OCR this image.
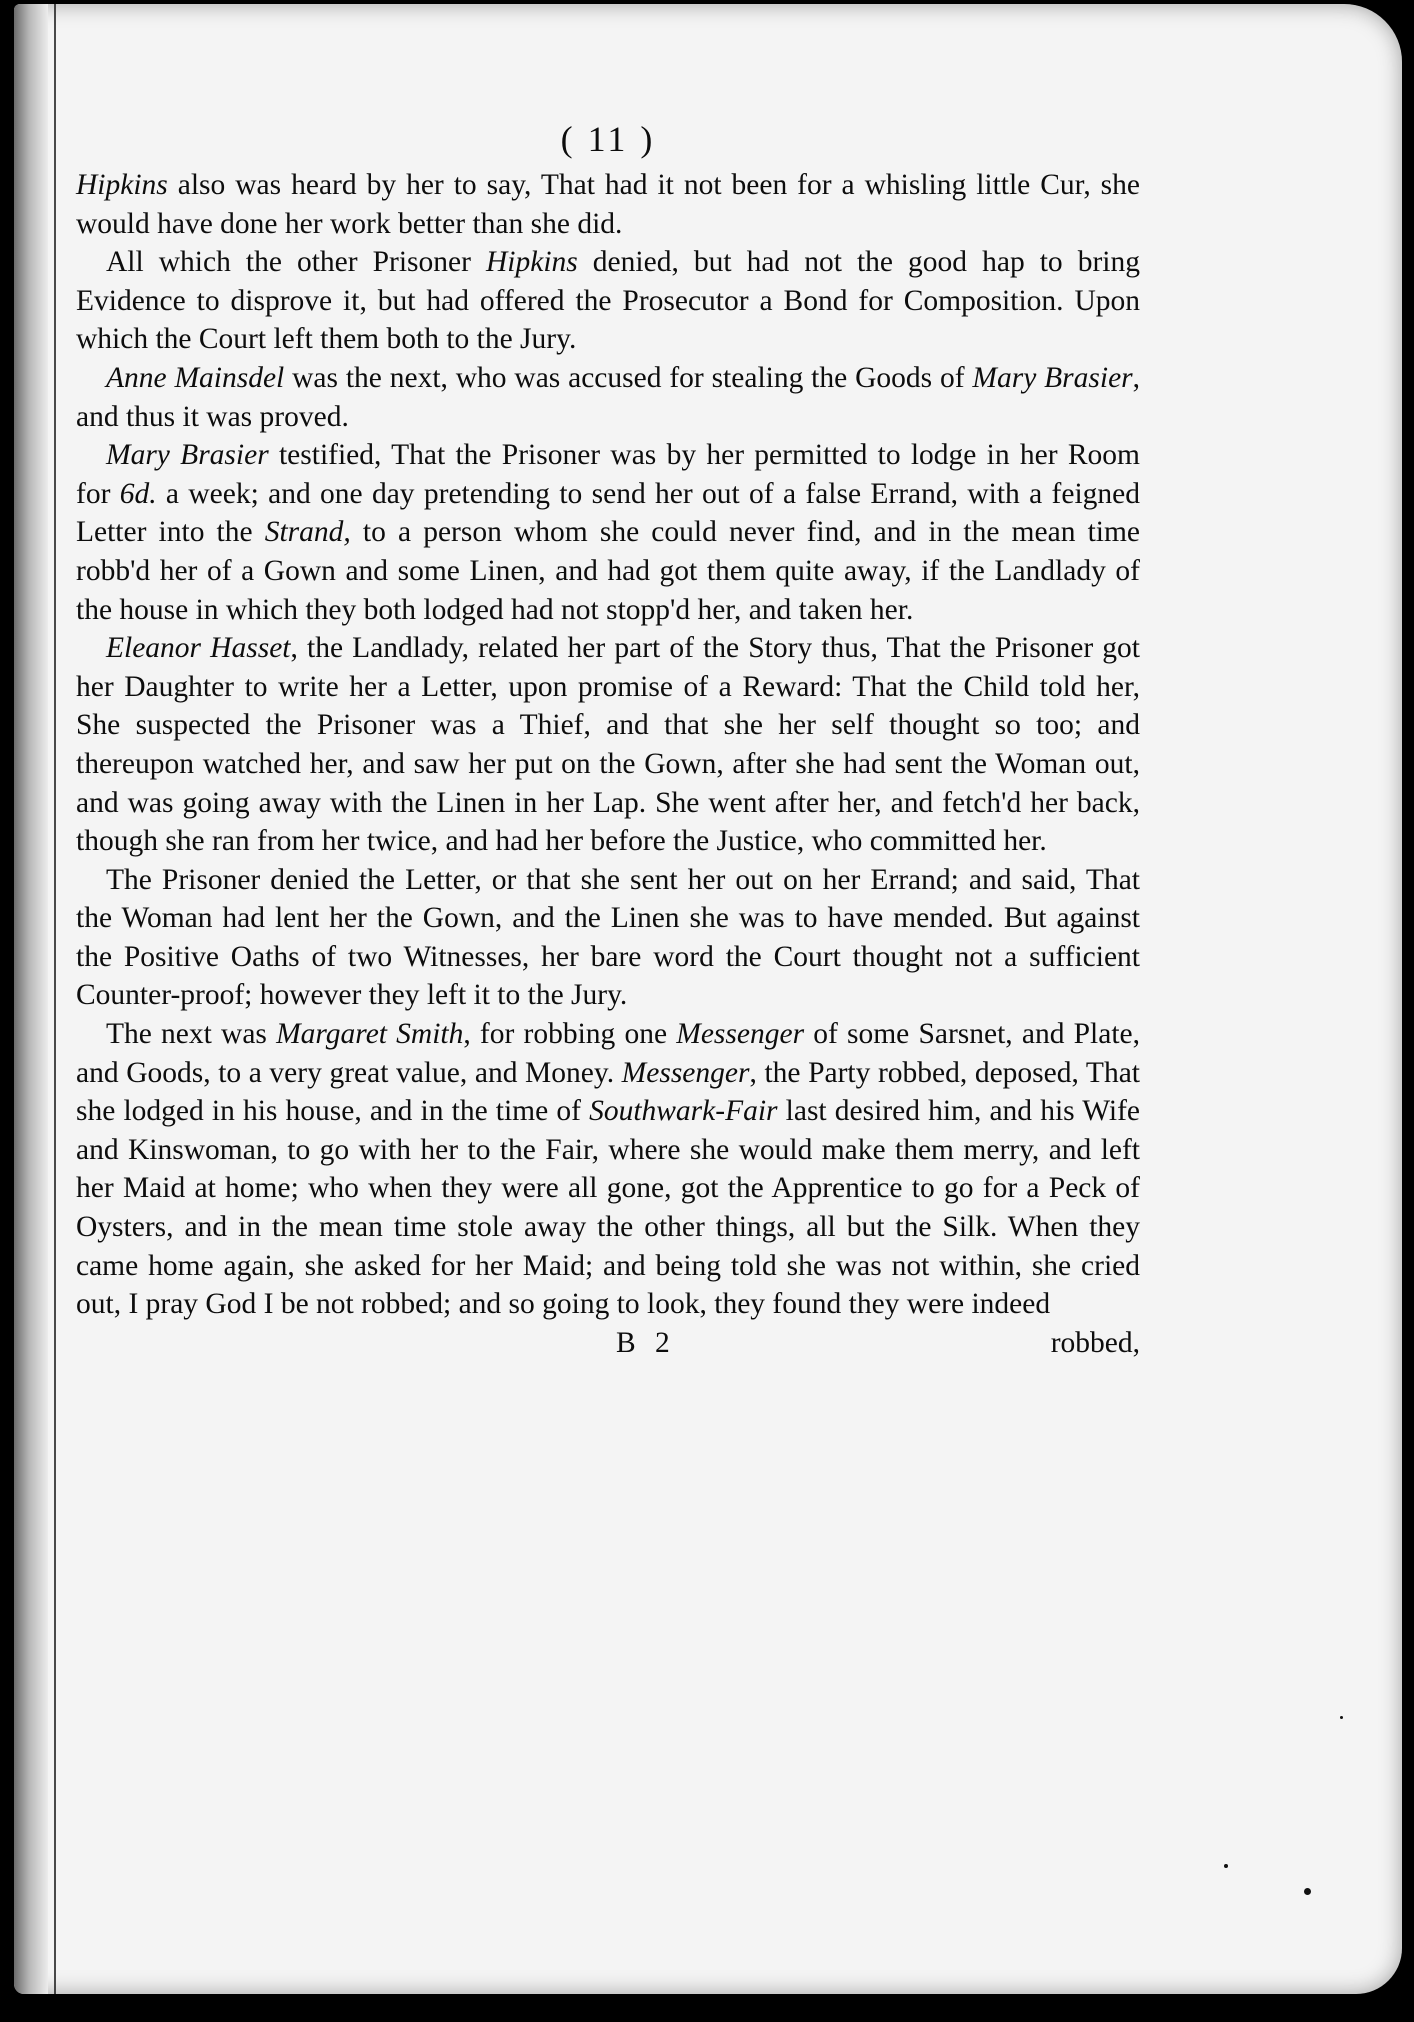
( 11 )

Hipkins also was heard by her to say, That had it not been for a whisling little Cur, she would have done her work better than she did.

All which the other Prisoner Hipkins denied, but had not the good hap to bring Evidence to disprove it, but had offered the Prosecutor a Bond for Composition. Upon which the Court left them both to the Jury.

Anne Mainsdel was the next, who was accused for stealing the Goods of Mary Brasier, and thus it was proved.

Mary Brasier testified, That the Prisoner was by her permitted to lodge in her Room for 6d. a week; and one day pretending to send her out of a false Errand, with a feigned Letter into the Strand, to a person whom she could never find, and in the mean time robb'd her of a Gown and some Linen, and had got them quite away, if the Landlady of the house in which they both lodged had not stopp'd her, and taken her.

Eleanor Hasset, the Landlady, related her part of the Story thus, That the Prisoner got her Daughter to write her a Letter, upon promise of a Reward: That the Child told her, She suspected the Prisoner was a Thief, and that she her self thought so too; and thereupon watched her, and saw her put on the Gown, after she had sent the Woman out, and was going away with the Linen in her Lap. She went after her, and fetch'd her back, though she ran from her twice, and had her before the Justice, who committed her.

The Prisoner denied the Letter, or that she sent her out on her Errand; and said, That the Woman had lent her the Gown, and the Linen she was to have mended. But against the Positive Oaths of two Witnesses, her bare word the Court thought not a sufficient Counter-proof; however they left it to the Jury.

The next was Margaret Smith, for robbing one Messenger of some Sarsnet, and Plate, and Goods, to a very great value, and Money. Messenger, the Party robbed, deposed, That she lodged in his house, and in the time of Southwark-Fair last desired him, and his Wife and Kinswoman, to go with her to the Fair, where she would make them merry, and left her Maid at home; who when they were all gone, got the Apprentice to go for a Peck of Oysters, and in the mean time stole away the other things, all but the Silk. When they came home again, she asked for her Maid; and being told she was not within, she cried out, I pray God I be not robbed; and so going to look, they found they were indeed

B 2	robbed,
